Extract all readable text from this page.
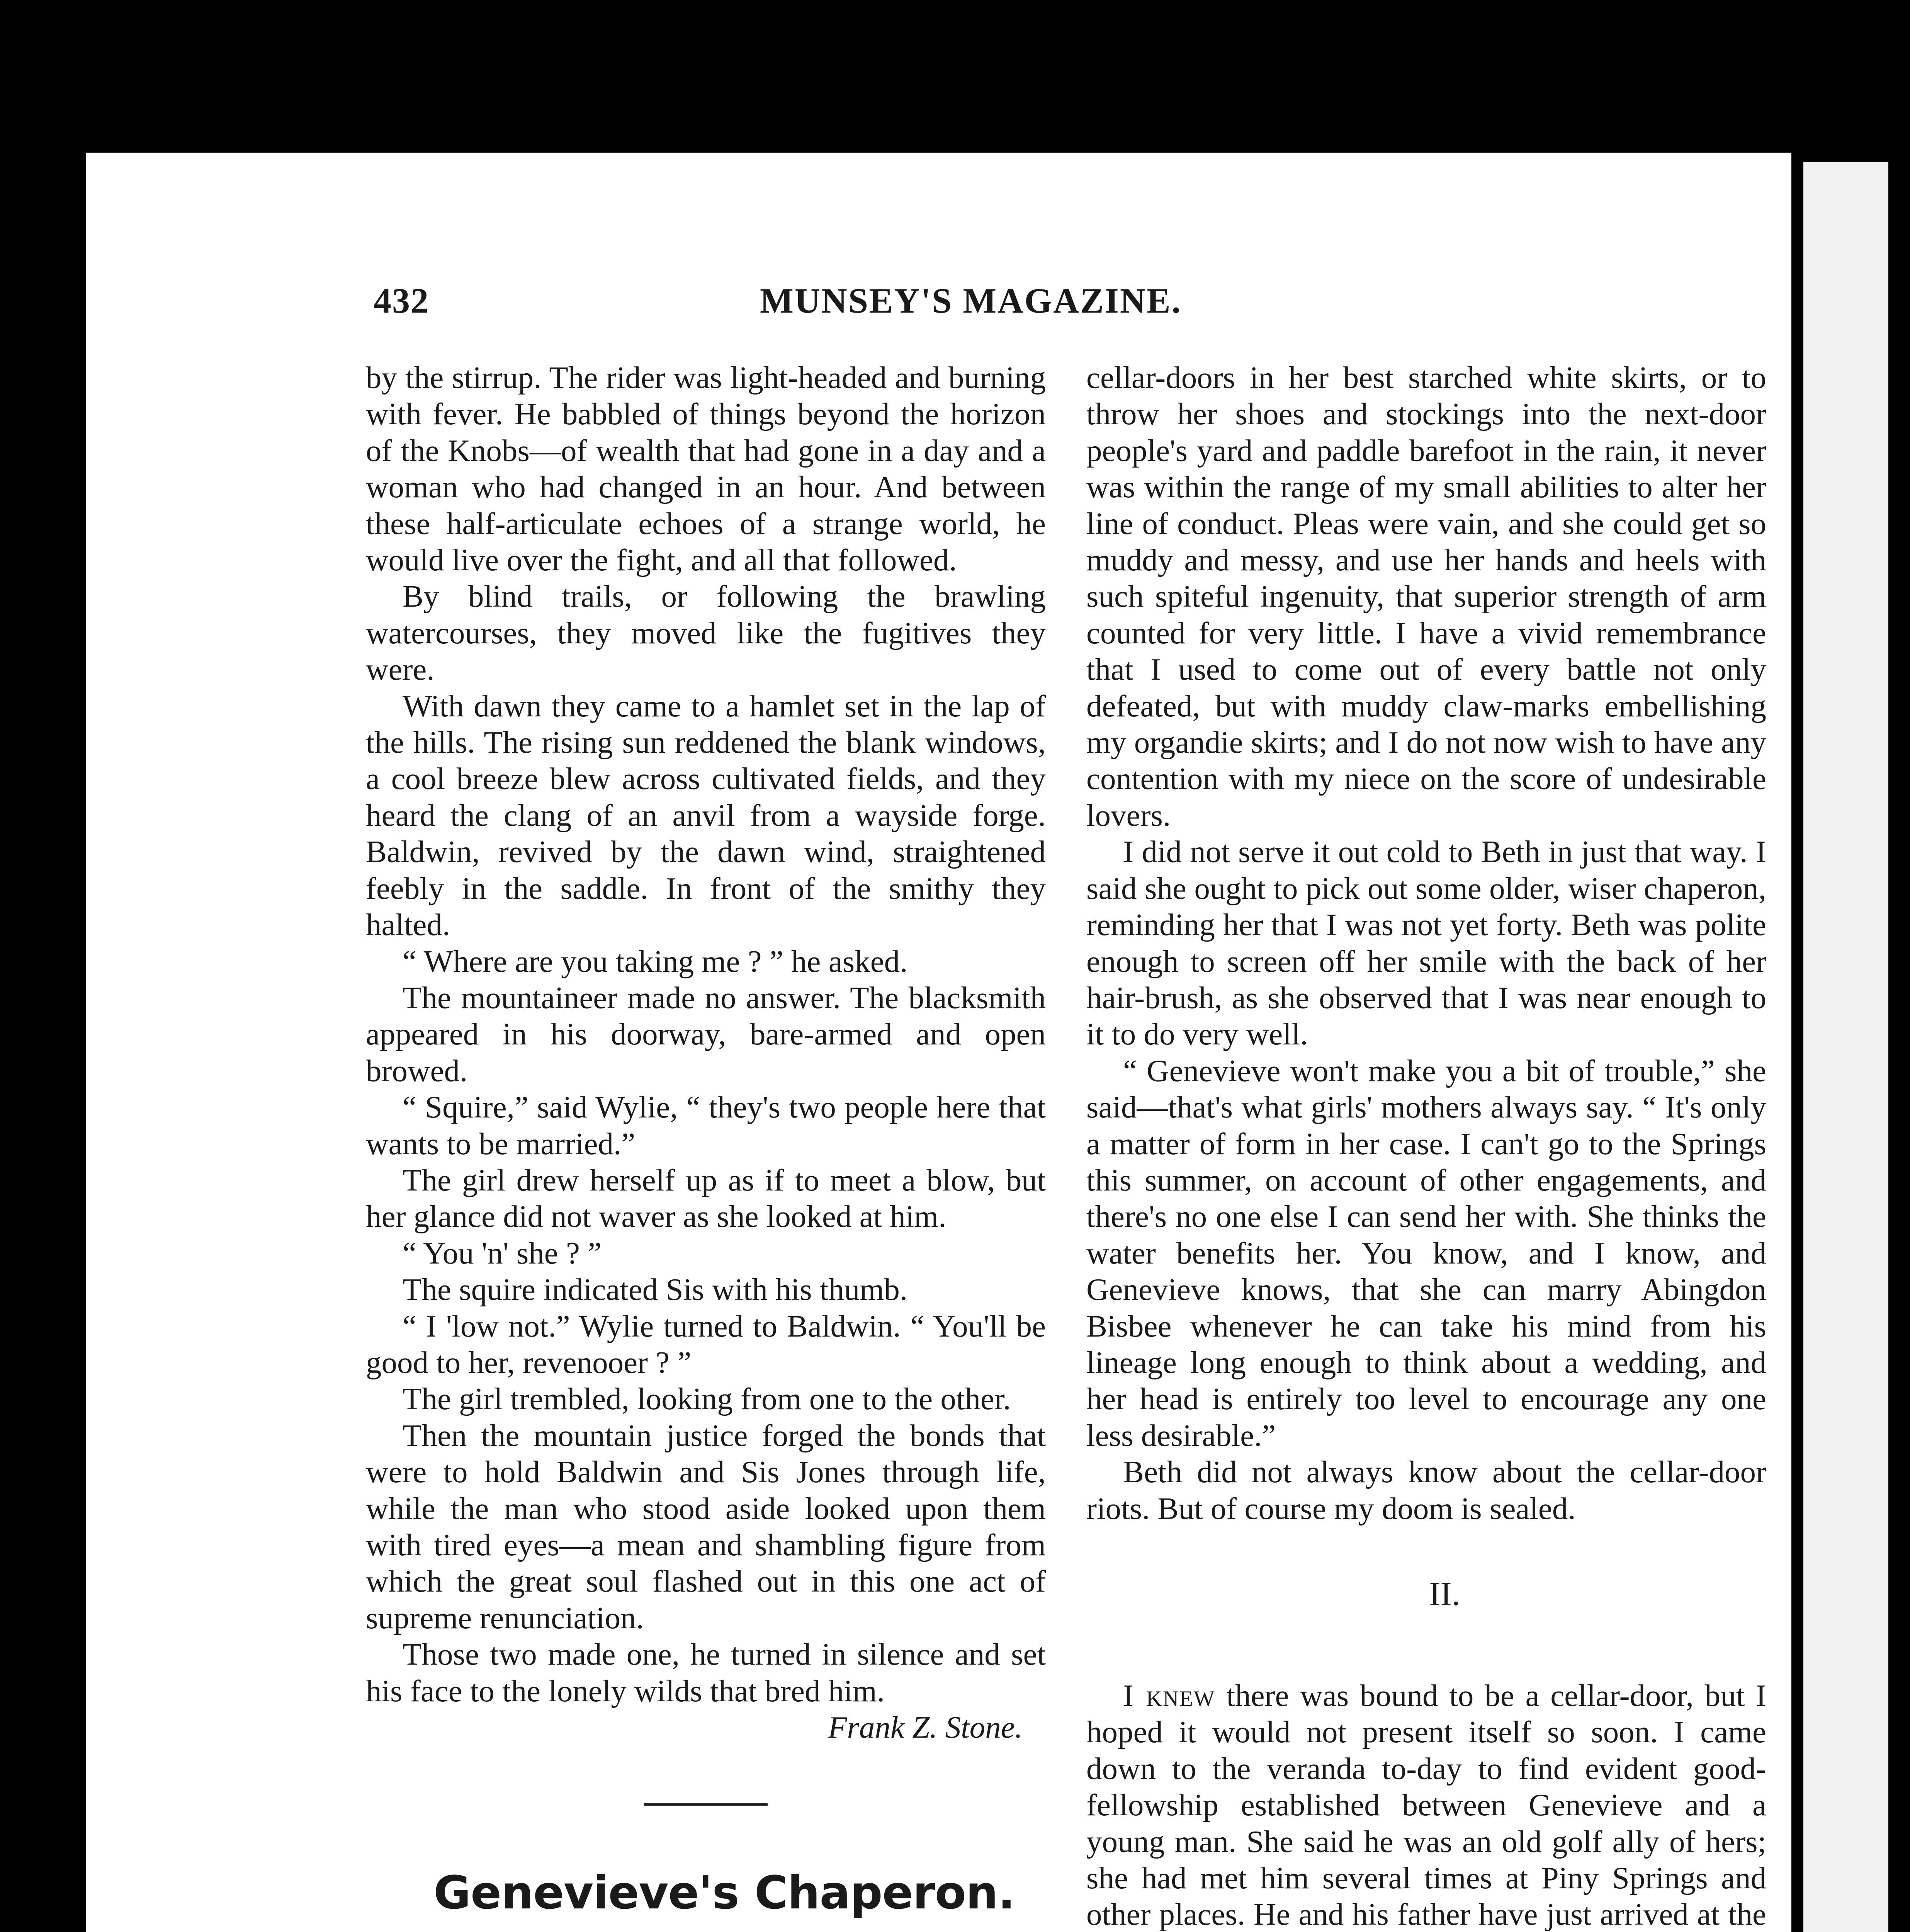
432	MUNSEY'S MAGAZINE.

by the stirrup. The rider was light-headed and burning with fever. He babbled of things beyond the horizon of the Knobs—of wealth that had gone in a day and a woman who had changed in an hour. And between these half-articulate echoes of a strange world, he would live over the fight, and all that followed.

By blind trails, or following the brawling watercourses, they moved like the fugitives they were.

With dawn they came to a hamlet set in the lap of the hills. The rising sun reddened the blank windows, a cool breeze blew across cultivated fields, and they heard the clang of an anvil from a wayside forge. Baldwin, revived by the dawn wind, straightened feebly in the saddle. In front of the smithy they halted.

“ Where are you taking me ? ” he asked.

The mountaineer made no answer. The blacksmith appeared in his doorway, bare-armed and open browed.

“ Squire,” said Wylie, “ they's two people here that wants to be married.”

The girl drew herself up as if to meet a blow, but her glance did not waver as she looked at him.

“ You 'n' she ? ”

The squire indicated Sis with his thumb.

“ I 'low not.” Wylie turned to Baldwin. “ You'll be good to her, revenooer ? ”

The girl trembled, looking from one to the other.

Then the mountain justice forged the bonds that were to hold Baldwin and Sis Jones through life, while the man who stood aside looked upon them with tired eyes—a mean and shambling figure from which the great soul flashed out in this one act of supreme renunciation.

Those two made one, he turned in silence and set his face to the lonely wilds that bred him.

Frank Z. Stone.

Genevieve's Chaperon.

cellar-doors in her best starched white skirts, or to throw her shoes and stockings into the next-door people's yard and paddle barefoot in the rain, it never was within the range of my small abilities to alter her line of conduct. Pleas were vain, and she could get so muddy and messy, and use her hands and heels with such spiteful ingenuity, that superior strength of arm counted for very little. I have a vivid remembrance that I used to come out of every battle not only defeated, but with muddy claw-marks embellishing my organdie skirts; and I do not now wish to have any contention with my niece on the score of undesirable lovers.

I did not serve it out cold to Beth in just that way. I said she ought to pick out some older, wiser chaperon, reminding her that I was not yet forty. Beth was polite enough to screen off her smile with the back of her hair-brush, as she observed that I was near enough to it to do very well.

“ Genevieve won't make you a bit of trouble,” she said—that's what girls' mothers always say. “ It's only a matter of form in her case. I can't go to the Springs this summer, on account of other engagements, and there's no one else I can send her with. She thinks the water benefits her. You know, and I know, and Genevieve knows, that she can marry Abingdon Bisbee whenever he can take his mind from his lineage long enough to think about a wedding, and her head is entirely too level to encourage any one less desirable.”

Beth did not always know about the cellar-door riots. But of course my doom is sealed.

II.

I knew there was bound to be a cellar-door, but I hoped it would not present itself so soon. I came down to the veranda to-day to find evident good-fellowship established between Genevieve and a young man. She said he was an old golf ally of hers; she had met him several times at Piny Springs and other places. He and his father have just arrived at the
